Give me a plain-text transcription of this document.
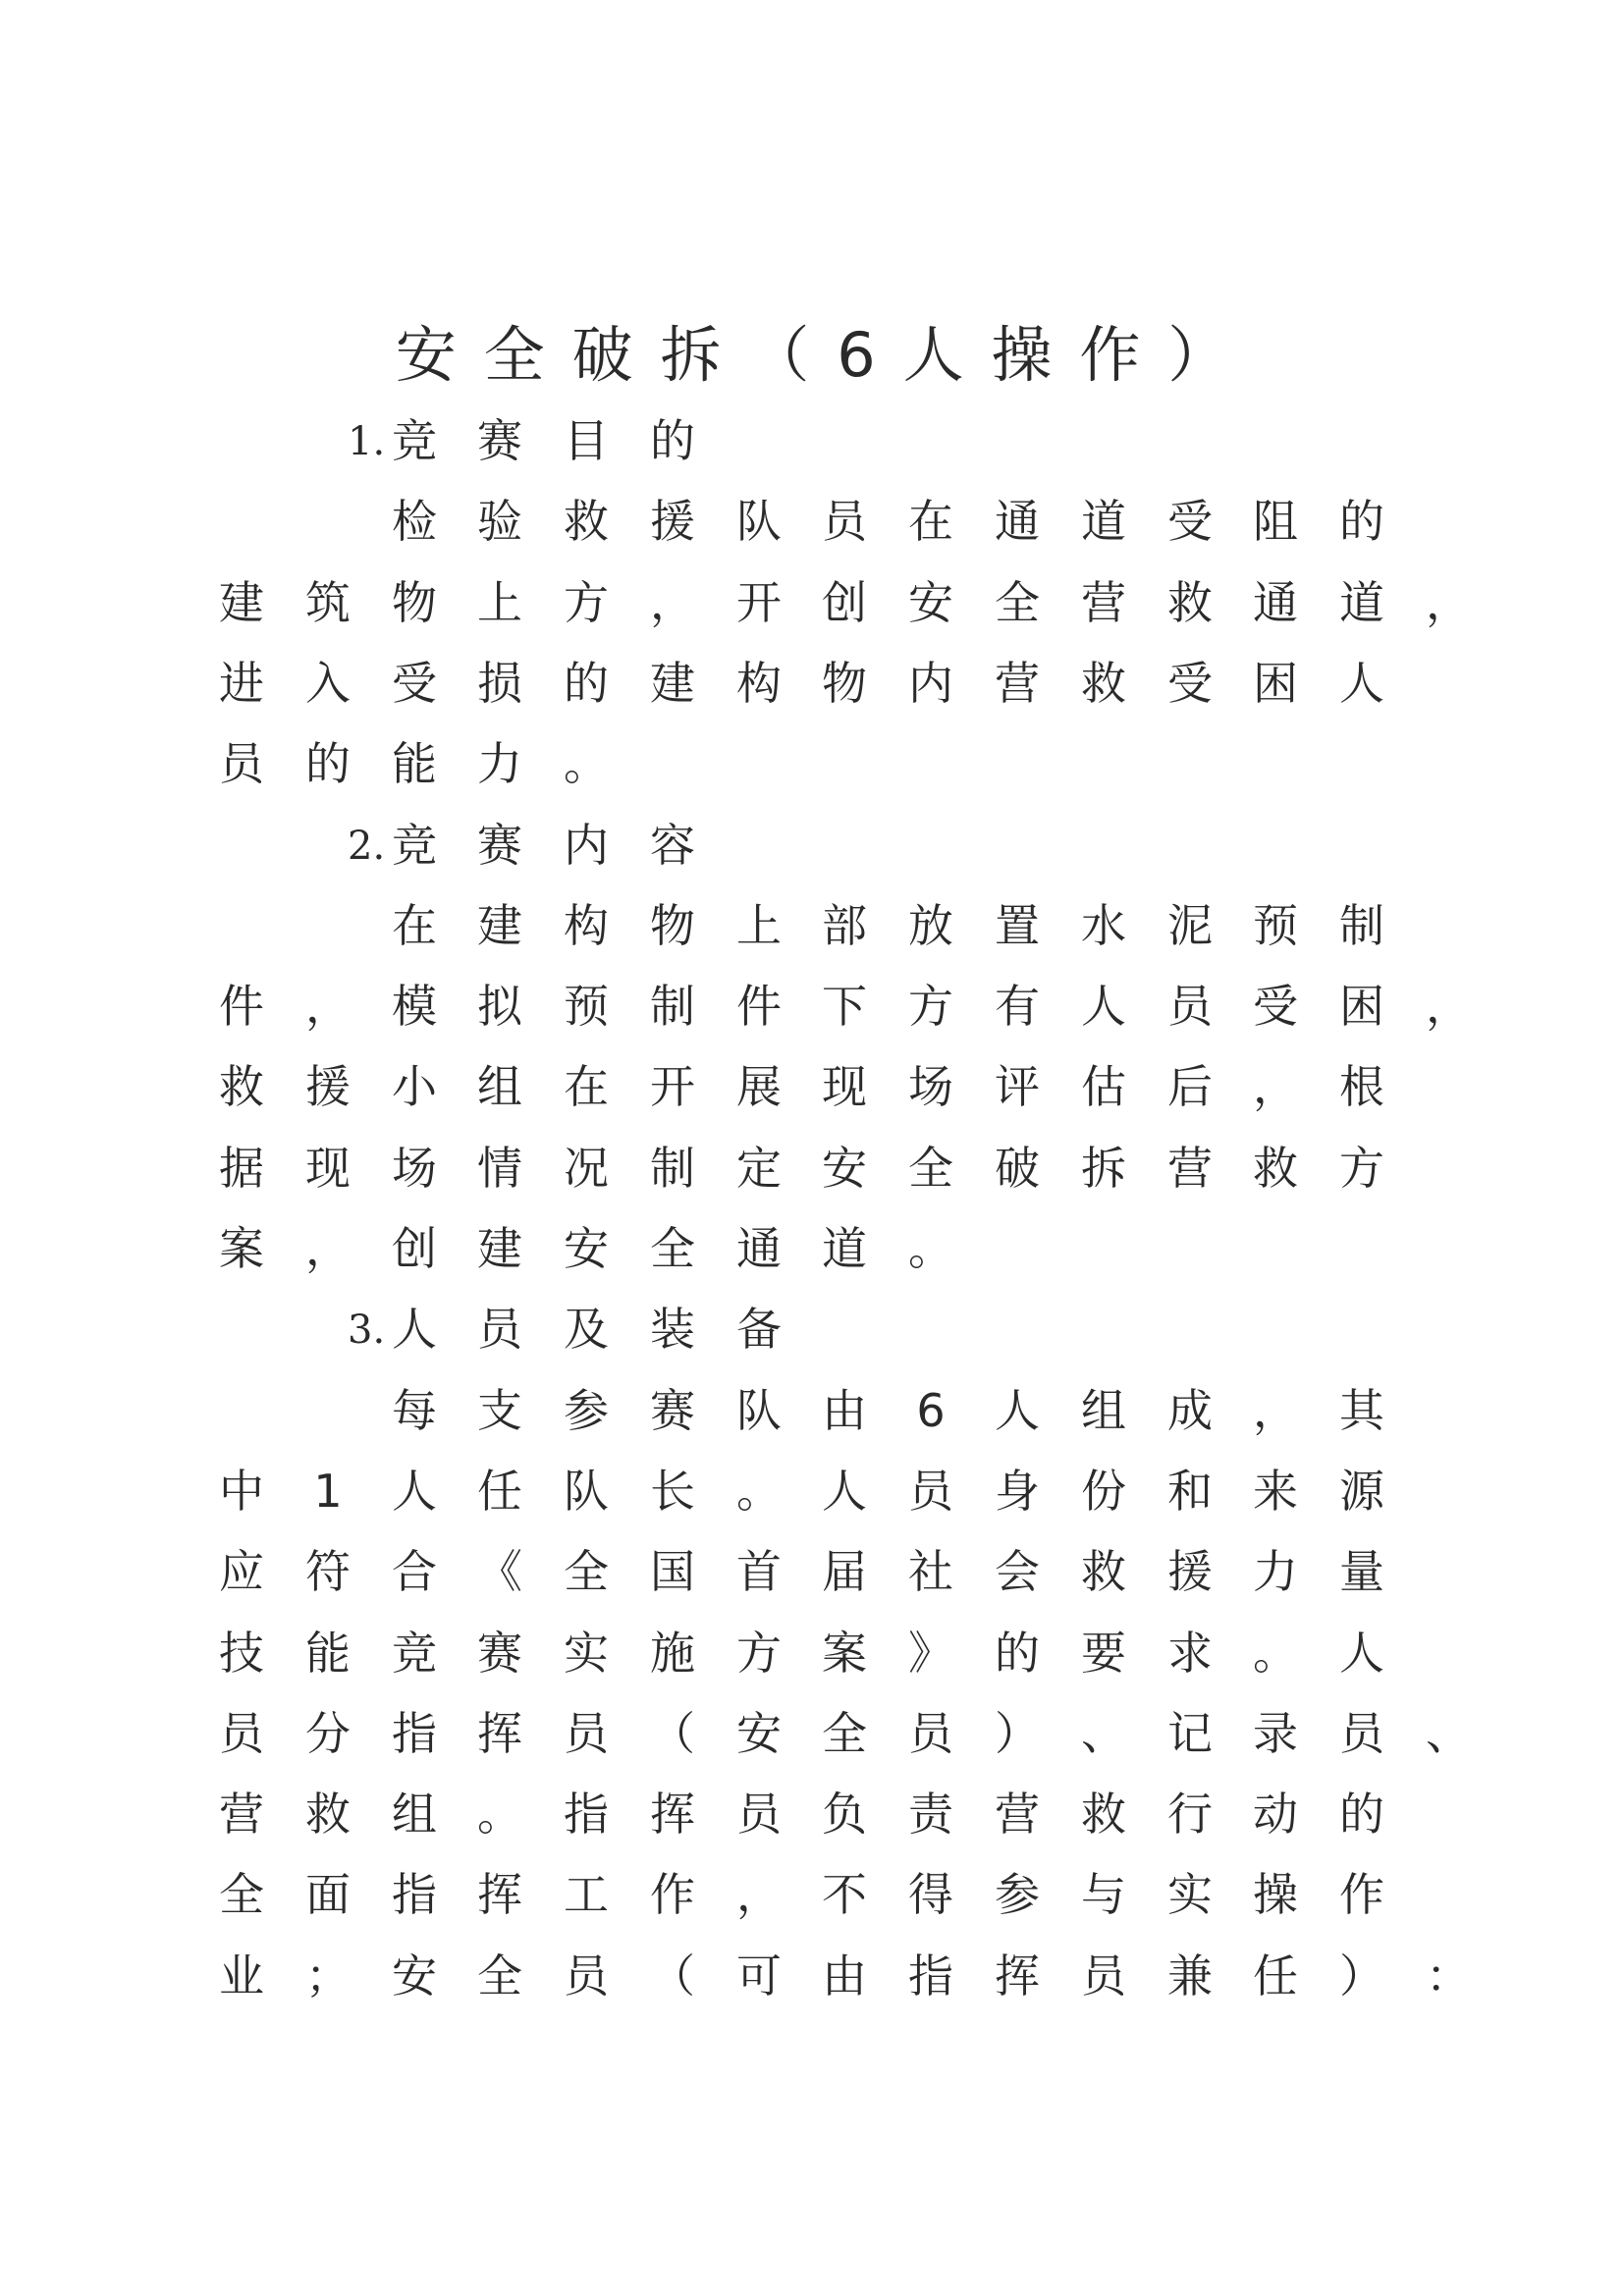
安全破拆（6人操作）
1. 竞 赛 目 的
检 验 救 援 队 员 在 通 道 受 阻 的
建 筑 物 上 方 ， 开 创 安 全 营 救 通 道 ，
进 入 受 损 的 建 构 物 内 营 救 受 困 人
员 的 能 力 。
2. 竞 赛 内 容
在 建 构 物 上 部 放 置 水 泥 预 制
件 ， 模 拟 预 制 件 下 方 有 人 员 受 困 ，
救 援 小 组 在 开 展 现 场 评 估 后 ， 根
据 现 场 情 况 制 定 安 全 破 拆 营 救 方
案 ， 创 建 安 全 通 道 。
3. 人 员 及 装 备
每 支 参 赛 队 由	6	人 组 成 ， 其
中	1	人 任 队 长 。 人 员 身 份 和 来 源
应 符 合 《 全 国 首 届 社 会 救 援 力 量
技 能 竞 赛 实 施 方 案 》 的 要 求 。 人
员 分 指 挥 员 （ 安 全 员 ） 、 记 录 员 、
营 救 组 。 指 挥 员 负 责 营 救 行 动 的
全 面 指 挥 工 作 ， 不 得 参 与 实 操 作
业 ； 安 全 员 （ 可 由 指 挥 员 兼 任 ） ：
